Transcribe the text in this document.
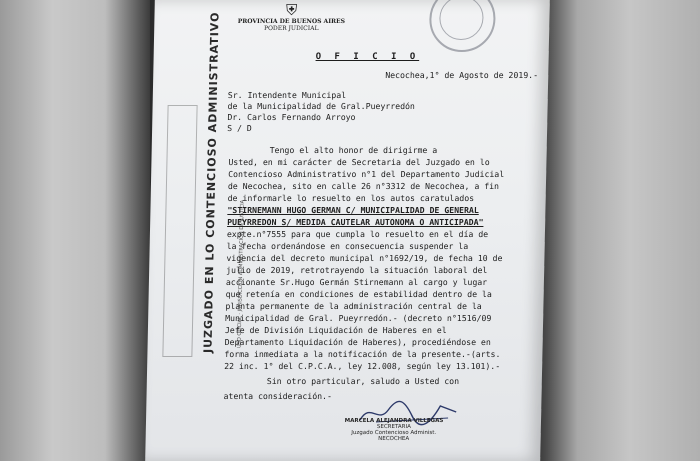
⛨
PROVINCIA DE BUENOS AIRES
PODER JUDICIAL
JUZGADO EN LO CONTENCIOSO ADMINISTRATIVO	USO OFICIAL · JURISDICCION ADMINISTRACION DE JUSTICIA
O F I C I O
Necochea,1° de Agosto de 2019.-
Sr. Intendente Municipal
de la Municipalidad de Gral.Pueyrredón
Dr. Carlos Fernando Arroyo
S / D
Tengo el alto honor de dirigirme a
Usted, en mi carácter de Secretaria del Juzgado en lo
Contencioso Administrativo n°1 del Departamento Judicial
de Necochea, sito en calle 26 n°3312 de Necochea, a fin
de informarle lo resuelto en los autos caratulados
"STIRNEMANN HUGO GERMAN C/ MUNICIPALIDAD DE GENERAL
PUEYRREDON S/ MEDIDA CAUTELAR AUTONOMA O ANTICIPADA"
expte.n°7555 para que cumpla lo resuelto en el día de
la fecha ordenándose en consecuencia suspender la
vigencia del decreto municipal n°1692/19, de fecha 10 de
julio de 2019, retrotrayendo la situación laboral del
accionante Sr.Hugo Germán Stirnemann al cargo y lugar
que retenía en condiciones de estabilidad dentro de la
planta permanente de la administración central de la
Municipalidad de Gral. Pueyrredón.- (decreto n°1516/09
Jefe de División Liquidación de Haberes en el
Departamento Liquidación de Haberes), procediéndose en
forma inmediata a la notificación de la presente.-(arts.
22 inc. 1° del C.P.C.A., ley 12.008, según ley 13.101).-
Sin otro particular, saludo a Usted con
atenta consideración.-
MARCELA ALEJANDRA VILLEGAS
SECRETARIA
Juzgado Contencioso Administ.
NECOCHEA
